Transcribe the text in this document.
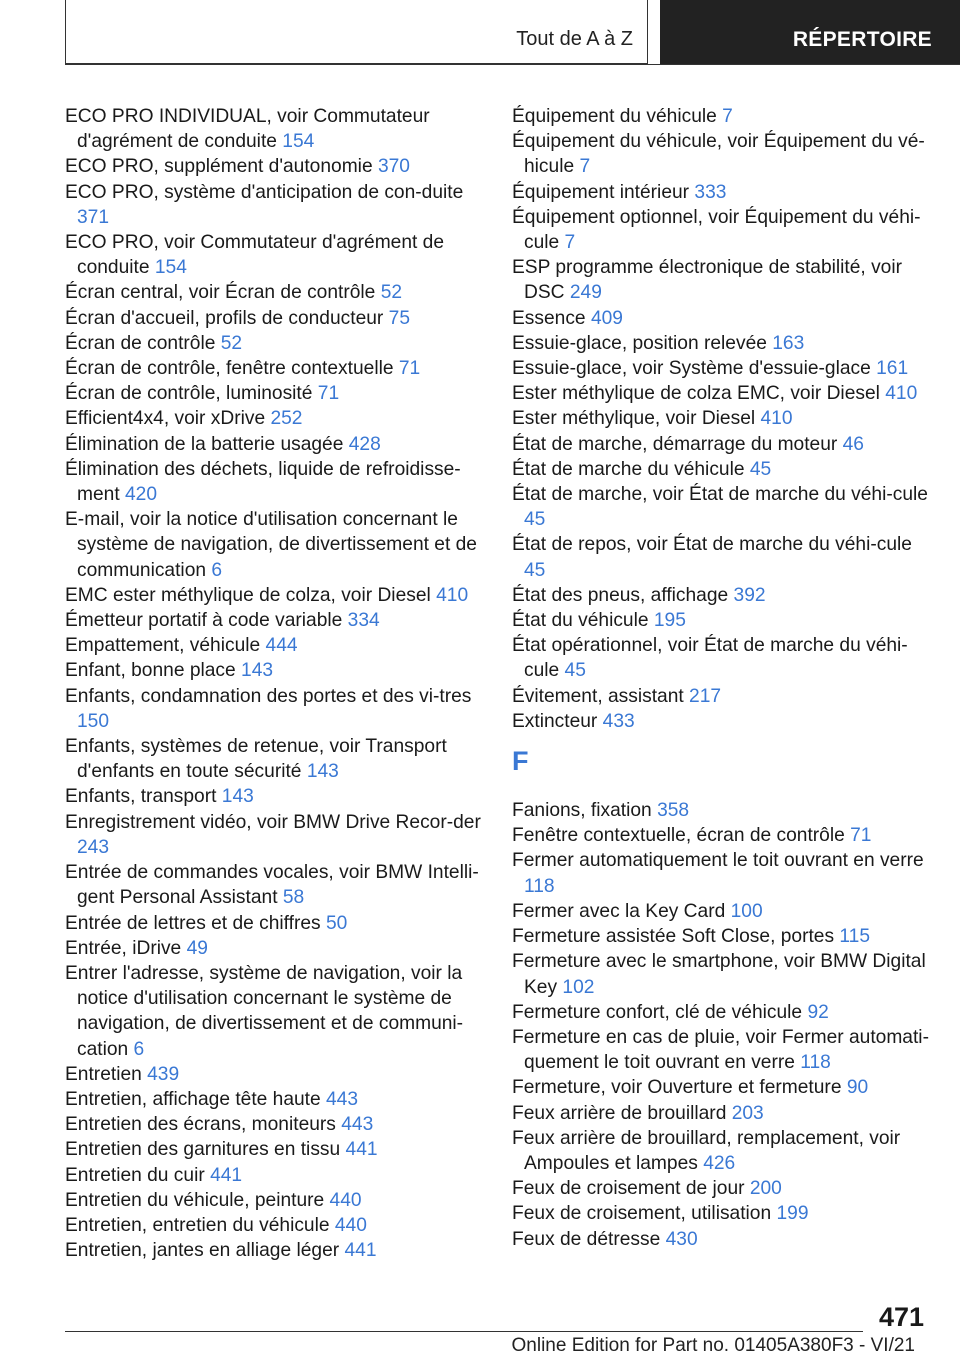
Tout de A à Z	RÉPERTOIRE
ECO PRO INDIVIDUAL, voir Commutateur d'agrément de conduite 154
ECO PRO, supplément d'autonomie 370
ECO PRO, système d'anticipation de con‐duite 371
ECO PRO, voir Commutateur d'agrément de conduite 154
Écran central, voir Écran de contrôle 52
Écran d'accueil, profils de conducteur 75
Écran de contrôle 52
Écran de contrôle, fenêtre contextuelle 71
Écran de contrôle, luminosité 71
Efficient4x4, voir xDrive 252
Élimination de la batterie usagée 428
Élimination des déchets, liquide de refroidisse‐ment 420
E-mail, voir la notice d'utilisation concernant le système de navigation, de divertissement et de communication 6
EMC ester méthylique de colza, voir Diesel 410
Émetteur portatif à code variable 334
Empattement, véhicule 444
Enfant, bonne place 143
Enfants, condamnation des portes et des vi‐tres 150
Enfants, systèmes de retenue, voir Transport d'enfants en toute sécurité 143
Enfants, transport 143
Enregistrement vidéo, voir BMW Drive Recor‐der 243
Entrée de commandes vocales, voir BMW Intelli‐gent Personal Assistant 58
Entrée de lettres et de chiffres 50
Entrée, iDrive 49
Entrer l'adresse, système de navigation, voir la notice d'utilisation concernant le système de navigation, de divertissement et de communi‐cation 6
Entretien 439
Entretien, affichage tête haute 443
Entretien des écrans, moniteurs 443
Entretien des garnitures en tissu 441
Entretien du cuir 441
Entretien du véhicule, peinture 440
Entretien, entretien du véhicule 440
Entretien, jantes en alliage léger 441
Équipement du véhicule 7
Équipement du véhicule, voir Équipement du vé‐hicule 7
Équipement intérieur 333
Équipement optionnel, voir Équipement du véhi‐cule 7
ESP programme électronique de stabilité, voir DSC 249
Essence 409
Essuie-glace, position relevée 163
Essuie-glace, voir Système d'essuie-glace 161
Ester méthylique de colza EMC, voir Diesel 410
Ester méthylique, voir Diesel 410
État de marche, démarrage du moteur 46
État de marche du véhicule 45
État de marche, voir État de marche du véhi‐cule 45
État de repos, voir État de marche du véhi‐cule 45
État des pneus, affichage 392
État du véhicule 195
État opérationnel, voir État de marche du véhi‐cule 45
Évitement, assistant 217
Extincteur 433
F
Fanions, fixation 358
Fenêtre contextuelle, écran de contrôle 71
Fermer automatiquement le toit ouvrant en verre 118
Fermer avec la Key Card 100
Fermeture assistée Soft Close, portes 115
Fermeture avec le smartphone, voir BMW Digital Key 102
Fermeture confort, clé de véhicule 92
Fermeture en cas de pluie, voir Fermer automati‐quement le toit ouvrant en verre 118
Fermeture, voir Ouverture et fermeture 90
Feux arrière de brouillard 203
Feux arrière de brouillard, remplacement, voir Ampoules et lampes 426
Feux de croisement de jour 200
Feux de croisement, utilisation 199
Feux de détresse 430
471
Online Edition for Part no. 01405A380F3 - VI/21
